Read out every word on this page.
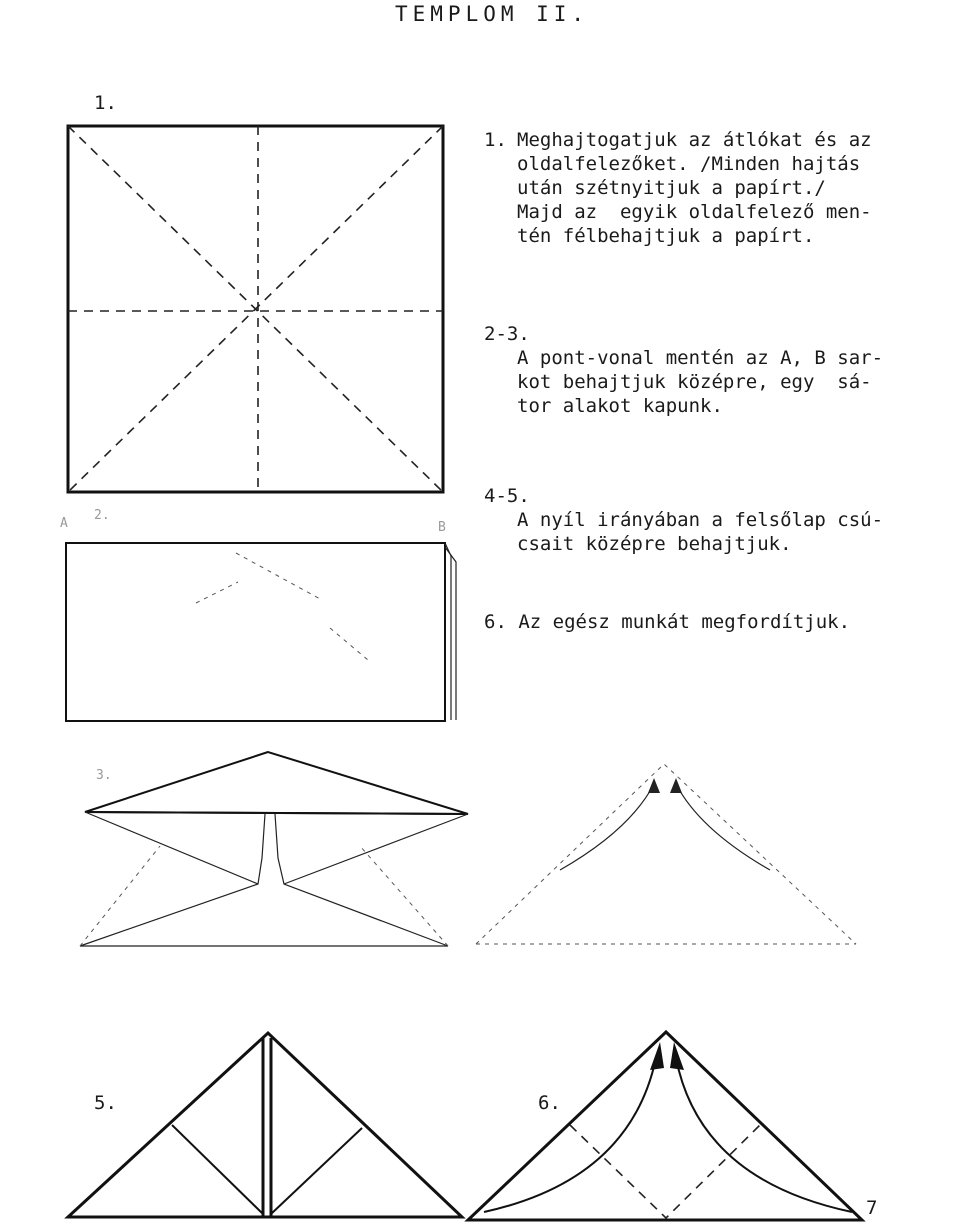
TEMPLOM II.
1. Meghajtogatjuk az átlókat és az
oldalfelezőket. /Minden hajtás
után szétnyitjuk a papírt./
Majd az  egyik oldalfelező men-
tén félbehajtjuk a papírt.
2-3.
A pont-vonal mentén az A, B sar-
kot behajtjuk középre, egy  sá-
tor alakot kapunk.
4-5.
A nyíl irányában a felsőlap csú-
csait középre behajtjuk.
6. Az egész munkát megfordítjuk.
1.
2.
A	B
3.
5.	6.
7
